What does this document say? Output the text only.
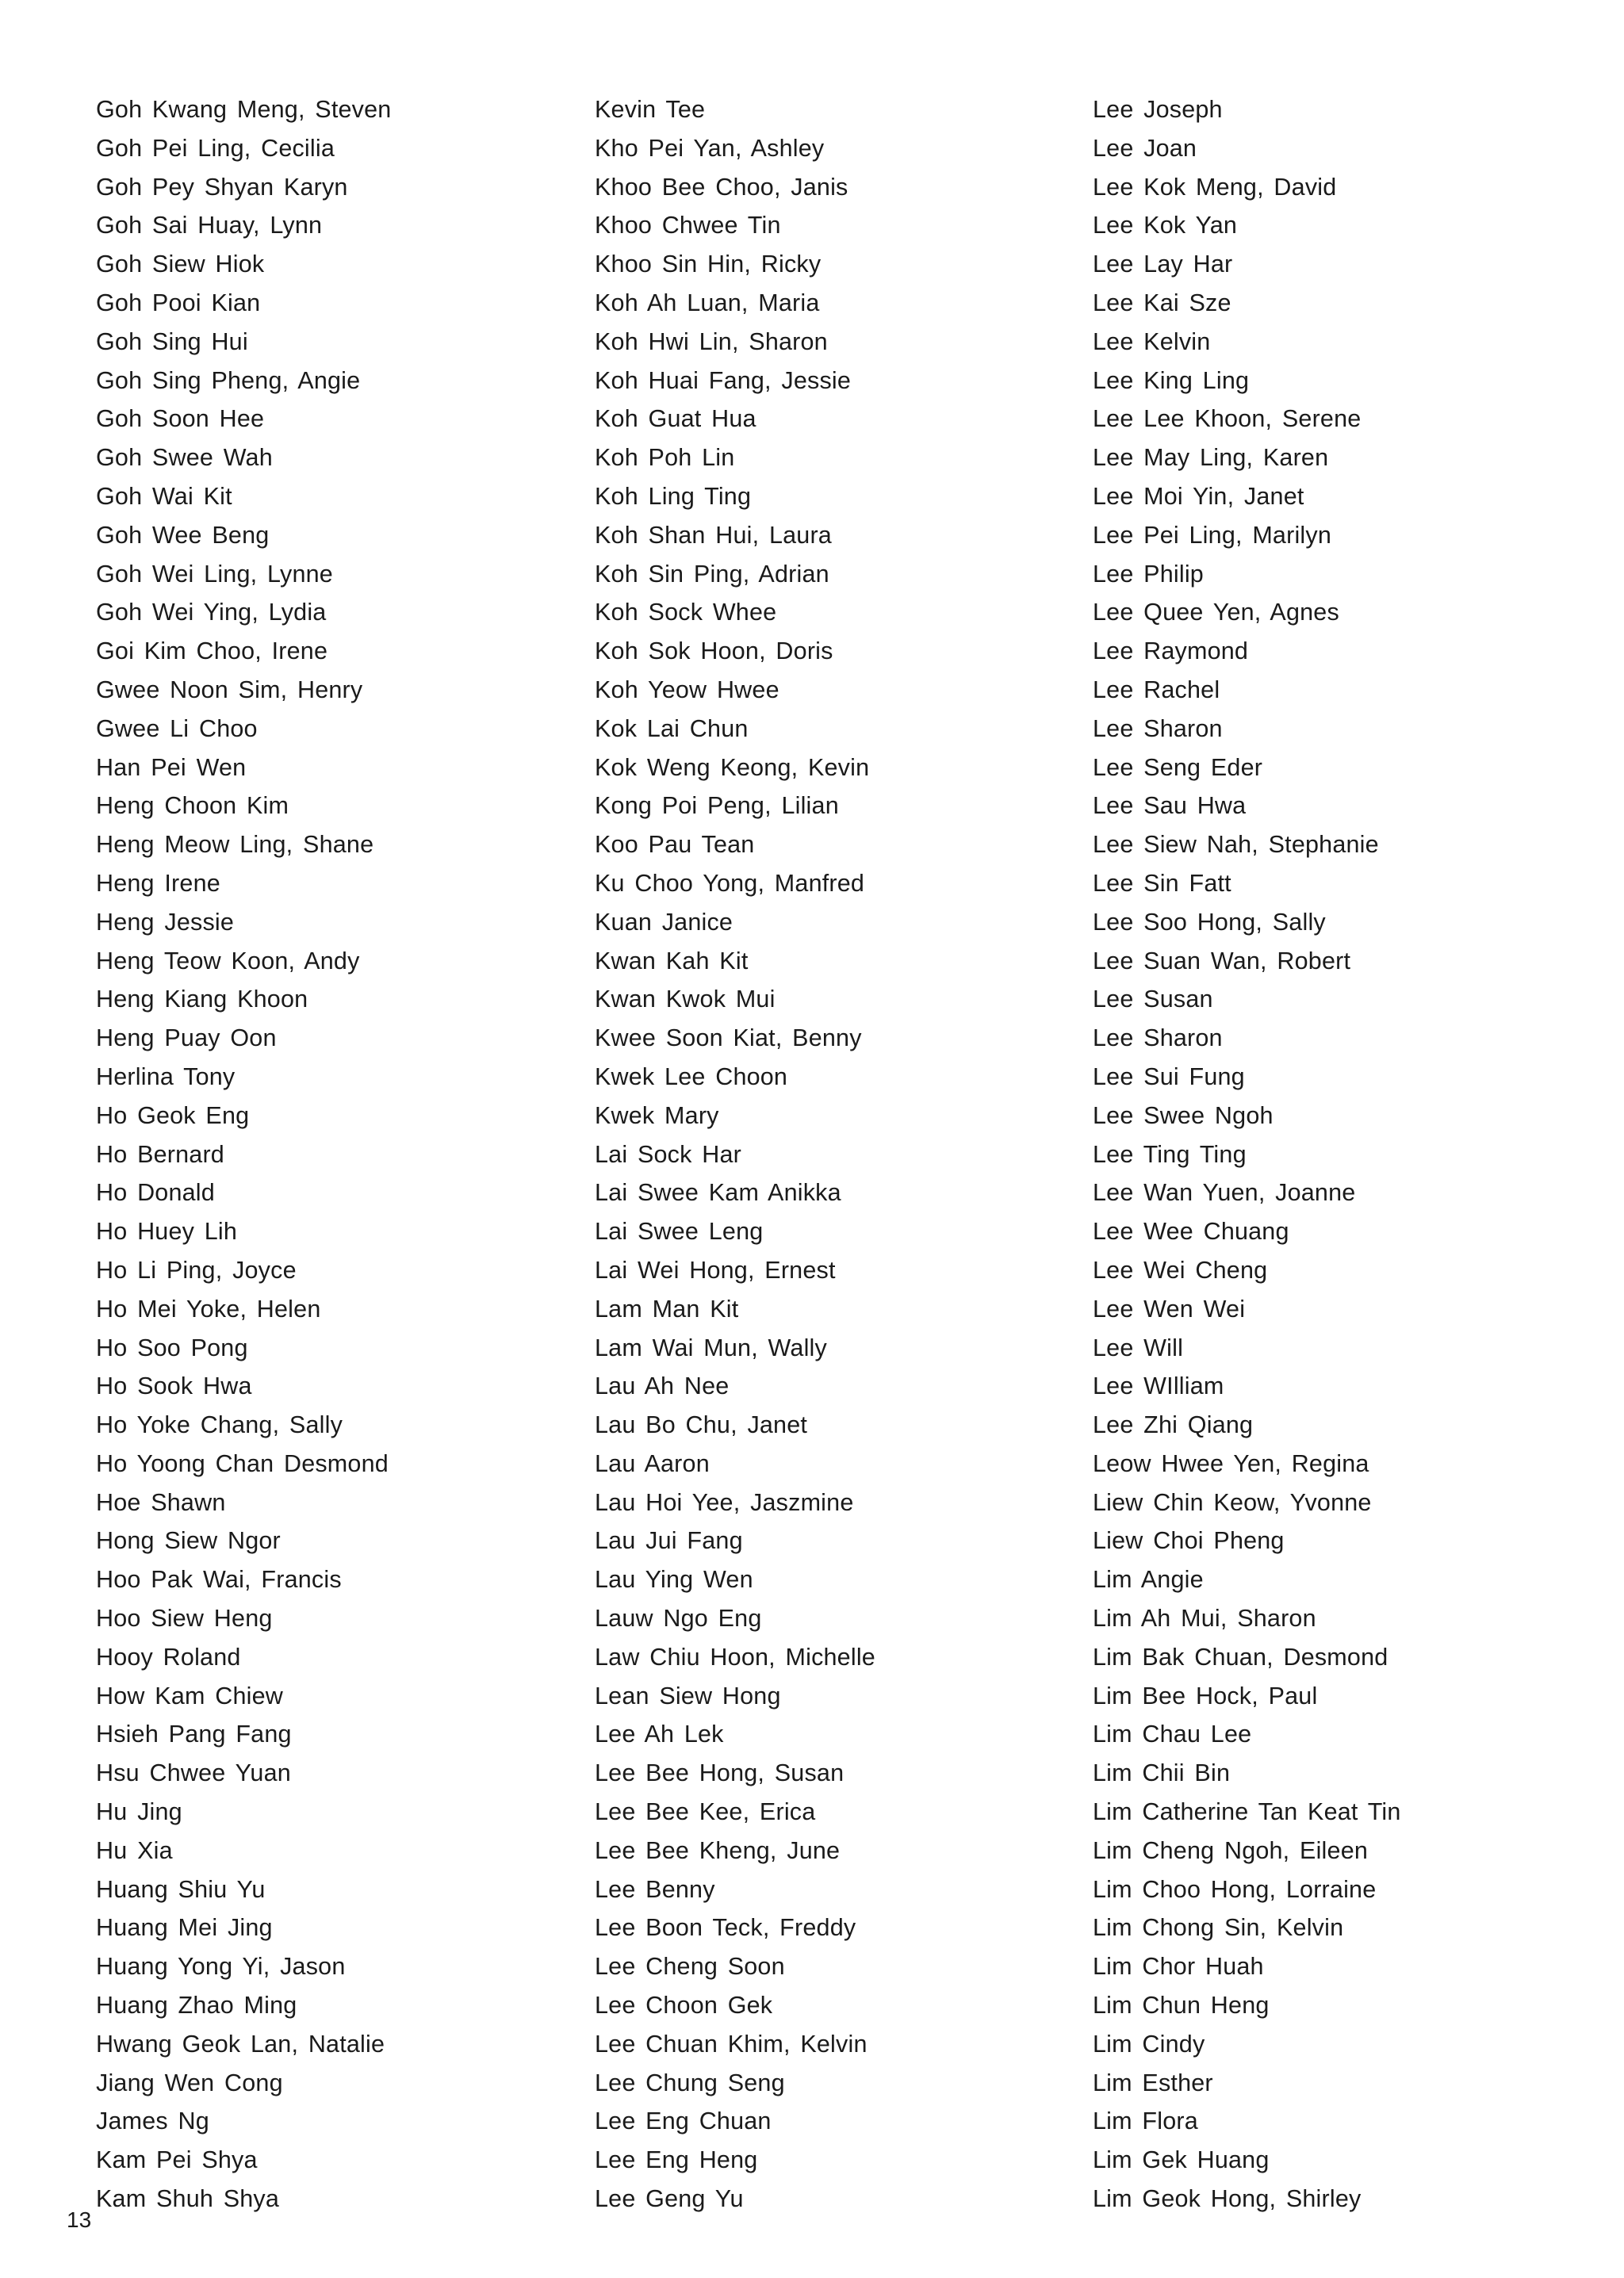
Goh Kwang Meng, Steven
Goh Pei Ling, Cecilia
Goh Pey Shyan Karyn
Goh Sai Huay, Lynn
Goh Siew Hiok
Goh Pooi Kian
Goh Sing Hui
Goh Sing Pheng, Angie
Goh Soon Hee
Goh Swee Wah
Goh Wai Kit
Goh Wee Beng
Goh Wei Ling, Lynne
Goh Wei Ying, Lydia
Goi Kim Choo, Irene
Gwee Noon Sim, Henry
Gwee Li Choo
Han Pei Wen
Heng Choon Kim
Heng Meow Ling, Shane
Heng Irene
Heng Jessie
Heng Teow Koon, Andy
Heng Kiang Khoon
Heng Puay Oon
Herlina Tony
Ho Geok Eng
Ho Bernard
Ho Donald
Ho Huey Lih
Ho Li Ping, Joyce
Ho Mei Yoke, Helen
Ho Soo Pong
Ho Sook Hwa
Ho Yoke Chang, Sally
Ho Yoong Chan Desmond
Hoe Shawn
Hong Siew Ngor
Hoo Pak Wai, Francis
Hoo Siew Heng
Hooy Roland
How Kam Chiew
Hsieh Pang Fang
Hsu Chwee Yuan
Hu Jing
Hu Xia
Huang Shiu Yu
Huang Mei Jing
Huang Yong Yi, Jason
Huang Zhao Ming
Hwang Geok Lan, Natalie
Jiang Wen Cong
James Ng
Kam Pei Shya
Kam Shuh Shya
Kevin Tee
Kho Pei Yan, Ashley
Khoo Bee Choo, Janis
Khoo Chwee Tin
Khoo Sin Hin, Ricky
Koh Ah Luan, Maria
Koh Hwi Lin, Sharon
Koh Huai Fang, Jessie
Koh Guat Hua
Koh Poh Lin
Koh Ling Ting
Koh Shan Hui, Laura
Koh Sin Ping, Adrian
Koh Sock Whee
Koh Sok Hoon, Doris
Koh Yeow Hwee
Kok Lai Chun
Kok Weng Keong, Kevin
Kong Poi Peng, Lilian
Koo Pau Tean
Ku Choo Yong, Manfred
Kuan Janice
Kwan Kah Kit
Kwan Kwok Mui
Kwee Soon Kiat, Benny
Kwek Lee Choon
Kwek Mary
Lai Sock Har
Lai Swee Kam Anikka
Lai Swee Leng
Lai Wei Hong, Ernest
Lam Man Kit
Lam Wai Mun, Wally
Lau Ah Nee
Lau Bo Chu, Janet
Lau Aaron
Lau Hoi Yee, Jaszmine
Lau Jui Fang
Lau Ying Wen
Lauw Ngo Eng
Law Chiu Hoon, Michelle
Lean Siew Hong
Lee Ah Lek
Lee Bee Hong, Susan
Lee Bee Kee, Erica
Lee Bee Kheng, June
Lee Benny
Lee Boon Teck, Freddy
Lee Cheng Soon
Lee Choon Gek
Lee Chuan Khim, Kelvin
Lee Chung Seng
Lee Eng Chuan
Lee Eng Heng
Lee Geng Yu
Lee Joseph
Lee Joan
Lee Kok Meng, David
Lee Kok Yan
Lee Lay Har
Lee Kai Sze
Lee Kelvin
Lee King Ling
Lee Lee Khoon, Serene
Lee May Ling, Karen
Lee Moi Yin, Janet
Lee Pei Ling, Marilyn
Lee Philip
Lee Quee Yen, Agnes
Lee Raymond
Lee Rachel
Lee Sharon
Lee Seng Eder
Lee Sau Hwa
Lee Siew Nah, Stephanie
Lee Sin Fatt
Lee Soo Hong, Sally
Lee Suan Wan, Robert
Lee Susan
Lee Sharon
Lee Sui Fung
Lee Swee Ngoh
Lee Ting Ting
Lee Wan Yuen, Joanne
Lee Wee Chuang
Lee Wei Cheng
Lee Wen Wei
Lee Will
Lee WIlliam
Lee Zhi Qiang
Leow Hwee Yen, Regina
Liew Chin Keow, Yvonne
Liew Choi Pheng
Lim Angie
Lim Ah Mui, Sharon
Lim Bak Chuan, Desmond
Lim Bee Hock, Paul
Lim Chau Lee
Lim Chii Bin
Lim Catherine Tan Keat Tin
Lim Cheng Ngoh, Eileen
Lim Choo Hong, Lorraine
Lim Chong Sin, Kelvin
Lim Chor Huah
Lim Chun Heng
Lim Cindy
Lim Esther
Lim Flora
Lim Gek Huang
Lim Geok Hong, Shirley
13
